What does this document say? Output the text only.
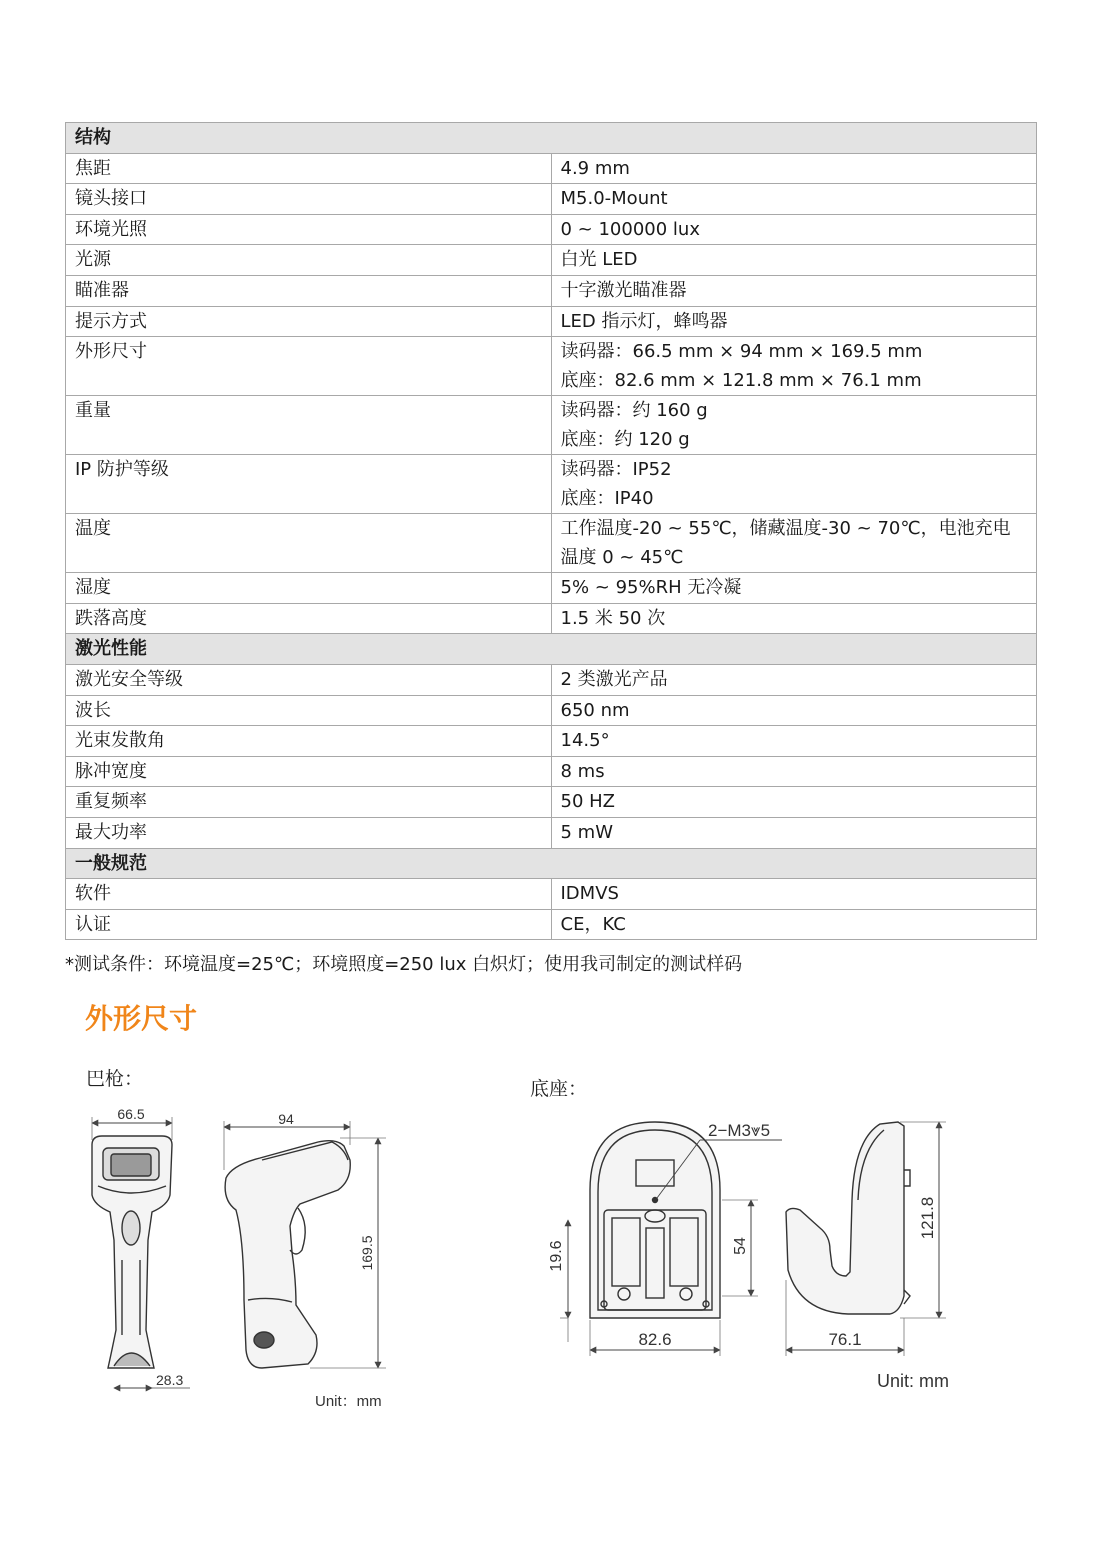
结构	
焦距	4.9 mm

镜头接口	M5.0-Mount

环境光照	0 ~ 100000 lux

光源	白光 LED

瞄准器	十字激光瞄准器

提示方式	LED 指示灯，蜂鸣器

外形尺寸	读码器：66.5 mm × 94 mm × 169.5 mm
底座：82.6 mm × 121.8 mm × 76.1 mm

重量	读码器：约 160 g
底座：约 120 g

IP 防护等级	读码器：IP52
底座：IP40

温度	工作温度-20 ~ 55℃，储藏温度-30 ~ 70℃，电池充电温度 0 ~ 45℃

湿度	5% ~ 95%RH 无冷凝

跌落高度	1.5 米 50 次

激光性能	
激光安全等级	2 类激光产品

波长	650 nm

光束发散角	14.5°

脉冲宽度	8 ms

重复频率	50 HZ

最大功率	5 mW

一般规范	
软件	IDMVS

认证	CE，KC
*测试条件：环境温度=25℃；环境照度=250 lux 白炽灯；使用我司制定的测试样码
外形尺寸
巴枪：	底座：
66.5
28.3
94
169.5
Unit：mm
2−M3⩔5
19.6	54
82.6
121.8
76.1
Unit: mm
